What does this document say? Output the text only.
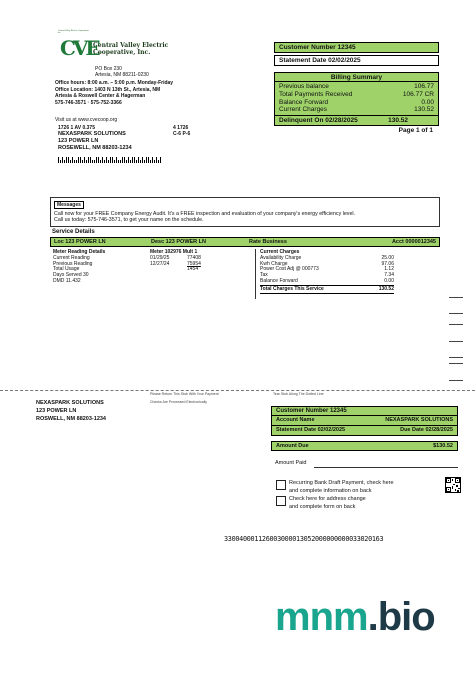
Central Valley Electric Cooperative, Inc.
CVE
Central Valley Electric
Cooperative, Inc.
PO Box 230
Artesia, NM 88211-0230
Office hours: 8:00 a.m. – 5:00 p.m. Monday-Friday
Office Location: 1403 N 13th St., Artesia, NM
Artesia & Roswell Center & Hagerman
575-746-3571 · 575-752-3366
Visit us at www.cvecoop.org
1726 1 AV 0.375	4 1726
C-6 P-6
NEXASPARK SOLUTIONS
123 POWER LN
ROSEWELL, NM 88203-1234
Customer Number 12345
Statement Date 02/02/2025
Billing Summary
Previous balance	106.77
Total Payments Received	106.77 CR
Balance Forward	0.00
Current Charges	130.52
Delinquent On 02/28/2025	130.52
Page 1 of 1
Messages
Call now for your FREE Company Energy Audit. It's a FREE inspection and evaluation of your company's energy efficiency level.
Call us today: 575-746-3571, to get your name on the schedule.
Service Details
Loc 123 POWER LN	Desc 123 POWER LN	Rate Business	Acct 0000012345
Meter Reading Details	Meter 102976 Mult 1
Current Reading	01/29/25	77408
Previous Reading	12/27/24	75954
Total Usage	1454
Days Served 30
DMD 11.432
Current Charges
Availability Charge	25.00
Kwh Charge	97.06
Power Cost Adj @ 000773	1.12
Tax	7.34
Balance Forward	0.00
Total Charges This Service	130.52
Please Return This Stub With Your Payment
Checks Are Processed Electronically
Tear Stub Along The Dotted Line
NEXASPARK SOLUTIONS
123 POWER LN
ROSWELL, NM 88203-1234
Customer Number 12345
Account Name	NEXASPARK SOLUTIONS
Statement Date 02/02/2025	Due Date 02/28/2025
Amount Due	$130.52
Amount Paid
Recurring Bank Draft Payment, check here
and complete information on back
Check here for address change
and complete form on back
330040001126003000013052000000000033020163
mnm.bio
